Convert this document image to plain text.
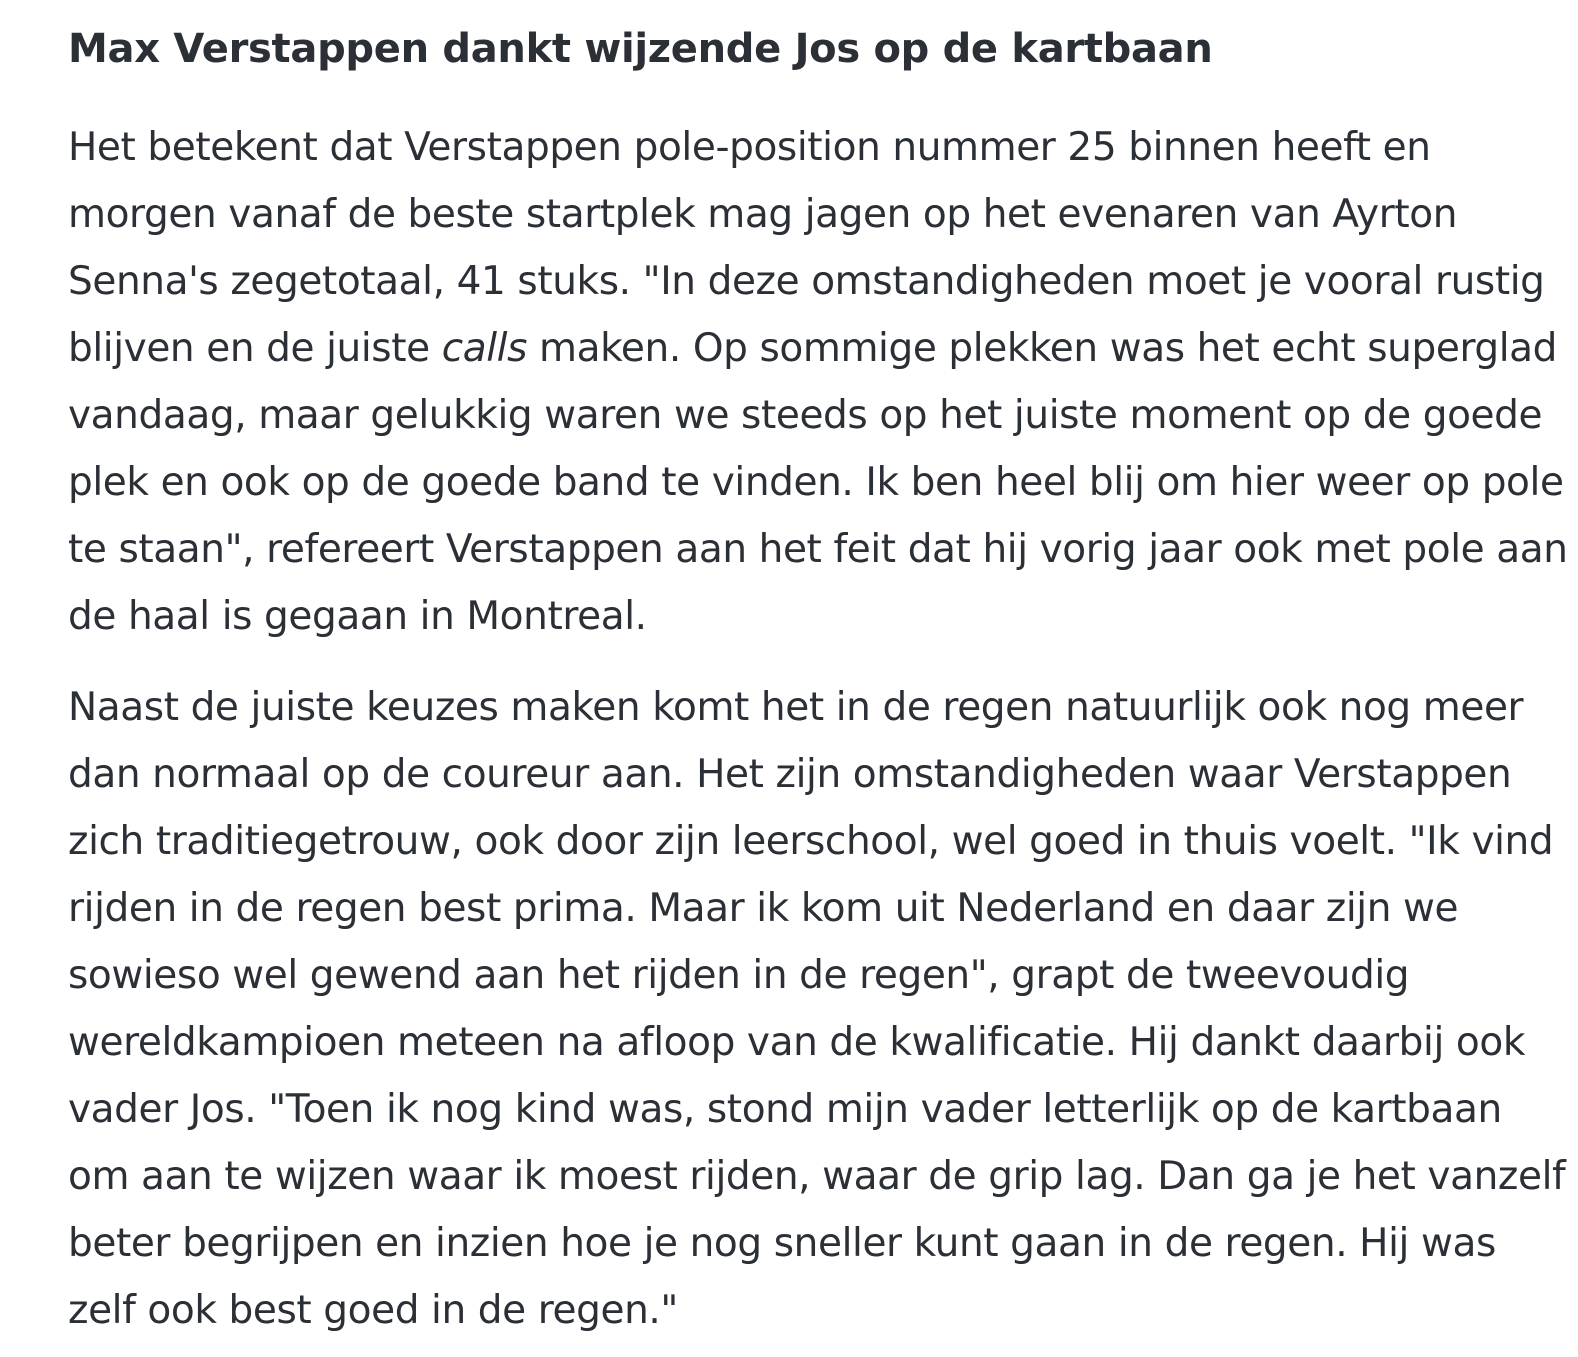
Max Verstappen dankt wijzende Jos op de kartbaan

Het betekent dat Verstappen pole-position nummer 25 binnen heeft en morgen vanaf de beste startplek mag jagen op het evenaren van Ayrton Senna's zegetotaal, 41 stuks. "In deze omstandigheden moet je vooral rustig blijven en de juiste calls maken. Op sommige plekken was het echt superglad vandaag, maar gelukkig waren we steeds op het juiste moment op de goede plek en ook op de goede band te vinden. Ik ben heel blij om hier weer op pole te staan", refereert Verstappen aan het feit dat hij vorig jaar ook met pole aan de haal is gegaan in Montreal.

Naast de juiste keuzes maken komt het in de regen natuurlijk ook nog meer dan normaal op de coureur aan. Het zijn omstandigheden waar Verstappen zich traditiegetrouw, ook door zijn leerschool, wel goed in thuis voelt. "Ik vind rijden in de regen best prima. Maar ik kom uit Nederland en daar zijn we sowieso wel gewend aan het rijden in de regen", grapt de tweevoudig wereldkampioen meteen na afloop van de kwalificatie. Hij dankt daarbij ook vader Jos. "Toen ik nog kind was, stond mijn vader letterlijk op de kartbaan om aan te wijzen waar ik moest rijden, waar de grip lag. Dan ga je het vanzelf beter begrijpen en inzien hoe je nog sneller kunt gaan in de regen. Hij was zelf ook best goed in de regen."
